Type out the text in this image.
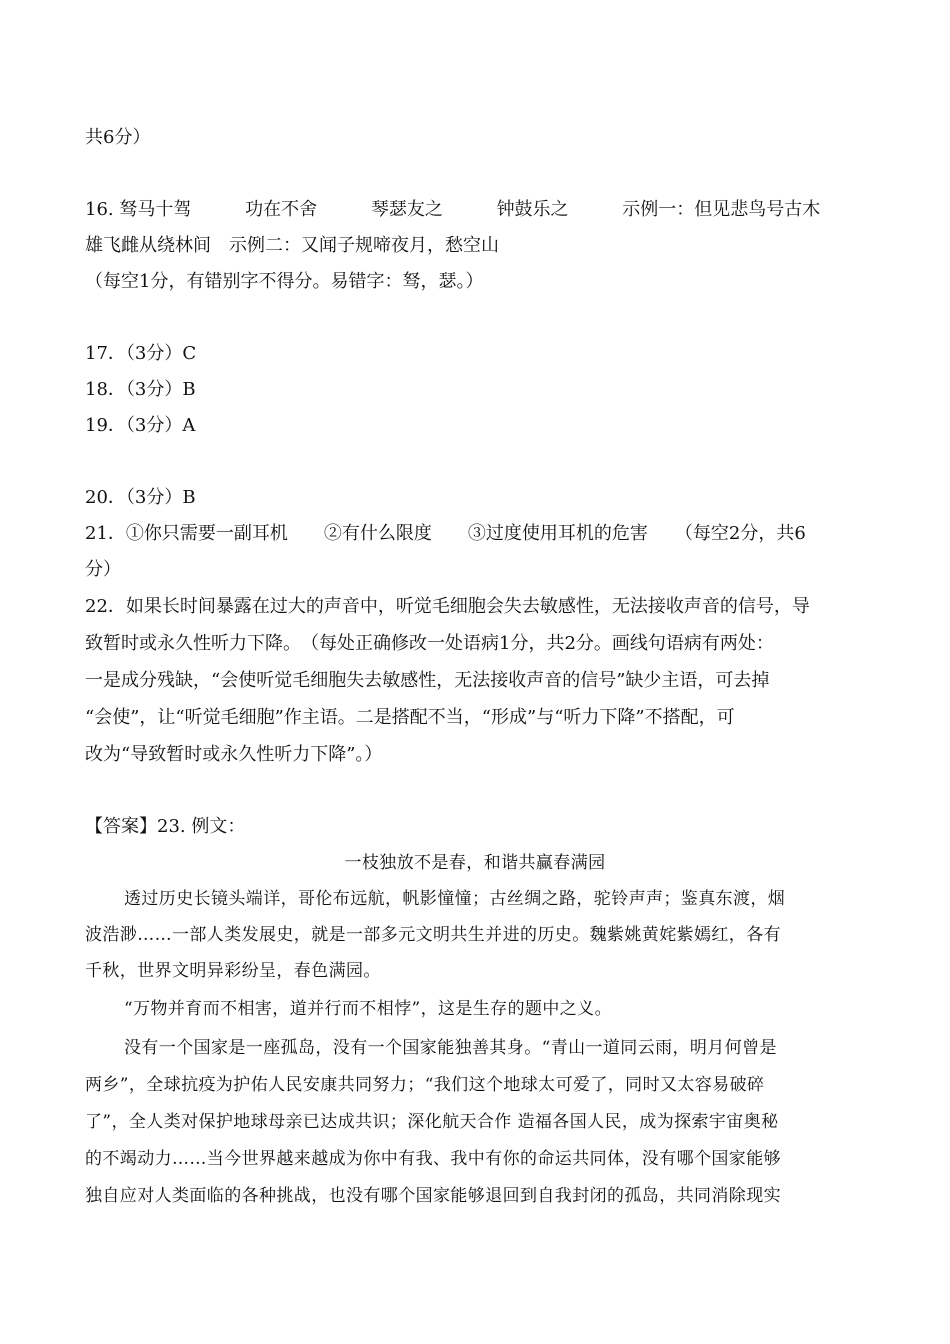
共6分）
16. 驽马十驾	功在不舍	琴瑟友之	钟鼓乐之	示例一：但见悲鸟号古木
雄飞雌从绕林间　示例二：又闻子规啼夜月，愁空山
（每空1分，有错别字不得分。易错字：驽，瑟。）
17．（3分）C
18．（3分）B
19．（3分）A
20．（3分）B
21．①你只需要一副耳机　　②有什么限度　　③过度使用耳机的危害　　（每空2分，共6
分）
22．如果长时间暴露在过大的声音中，听觉毛细胞会失去敏感性，无法接收声音的信号，导
致暂时或永久性听力下降。　（每处正确修改一处语病1分，共2分。画线句语病有两处：
一是成分残缺，“会使听觉毛细胞失去敏感性，无法接收声音的信号”缺少主语，可去掉
“会使”，让“听觉毛细胞”作主语。二是搭配不当，“形成”与“听力下降”不搭配，可
改为“导致暂时或永久性听力下降”。）
【答案】23. 例文：
一枝独放不是春，和谐共赢春满园
透过历史长镜头端详，哥伦布远航，帆影憧憧；古丝绸之路，驼铃声声；鉴真东渡，烟
波浩渺……一部人类发展史，就是一部多元文明共生并进的历史。魏紫姚黄姹紫嫣红，各有
千秋，世界文明异彩纷呈，春色满园。
“万物并育而不相害，道并行而不相悖”，这是生存的题中之义。
没有一个国家是一座孤岛，没有一个国家能独善其身。“青山一道同云雨，明月何曾是
两乡”，全球抗疫为护佑人民安康共同努力；“我们这个地球太可爱了，同时又太容易破碎
了”，全人类对保护地球母亲已达成共识；深化航天合作 造福各国人民，成为探索宇宙奥秘
的不竭动力……当今世界越来越成为你中有我、我中有你的命运共同体，没有哪个国家能够
独自应对人类面临的各种挑战，也没有哪个国家能够退回到自我封闭的孤岛，共同消除现实
